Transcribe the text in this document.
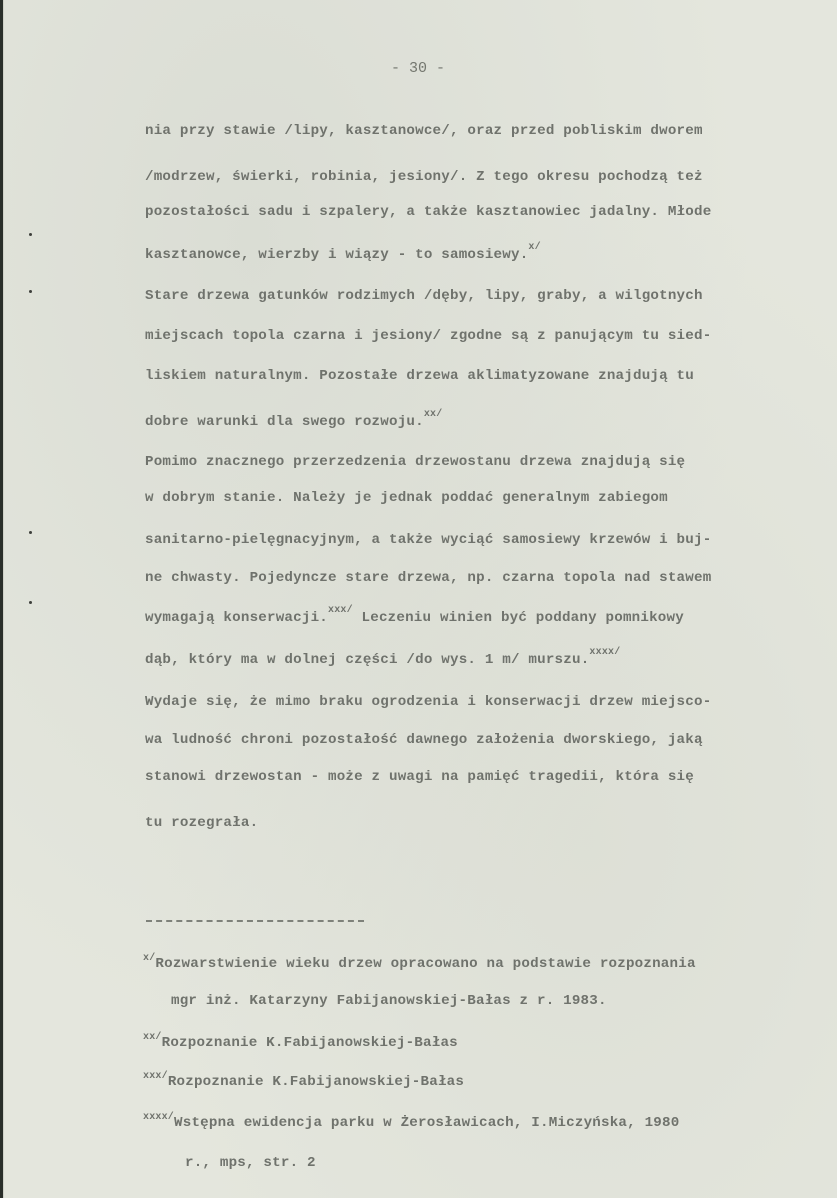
- 30 -
nia przy stawie /lipy, kasztanowce/, oraz przed pobliskim dworem
/modrzew, świerki, robinia, jesiony/. Z tego okresu pochodzą też
pozostałości sadu i szpalery, a także kasztanowiec jadalny. Młode
kasztanowce, wierzby i wiązy - to samosiewy.$^{x/}$
Stare drzewa gatunków rodzimych /dęby, lipy, graby, a wilgotnych
miejscach topola czarna i jesiony/ zgodne są z panującym tu sied-
liskiem naturalnym. Pozostałe drzewa aklimatyzowane znajdują tu
dobre warunki dla swego rozwoju.$^{xx/}$
Pomimo znacznego przerzedzenia drzewostanu drzewa znajdują się
w dobrym stanie. Należy je jednak poddać generalnym zabiegom
sanitarno-pielęgnacyjnym, a także wyciąć samosiewy krzewów i buj-
ne chwasty. Pojedyncze stare drzewa, np. czarna topola nad stawem
wymagają konserwacji.$^{xxx/}$ Leczeniu winien być poddany pomnikowy
dąb, który ma w dolnej części /do wys. 1 m/ murszu.$^{xxxx/}$
Wydaje się, że mimo braku ogrodzenia i konserwacji drzew miejsco-
wa ludność chroni pozostałość dawnego założenia dworskiego, jaką
stanowi drzewostan - może z uwagi na pamięć tragedii, która się
tu rozegrała.
$^{x/}$Rozwarstwienie wieku drzew opracowano na podstawie rozpoznania
mgr inż. Katarzyny Fabijanowskiej-Bałas z r. 1983.
$^{xx/}$Rozpoznanie K.Fabijanowskiej-Bałas
$^{xxx/}$Rozpoznanie K.Fabijanowskiej-Bałas
$^{xxxx/}$Wstępna ewidencja parku w Żerosławicach, I.Miczyńska, 1980
r., mps, str. 2
